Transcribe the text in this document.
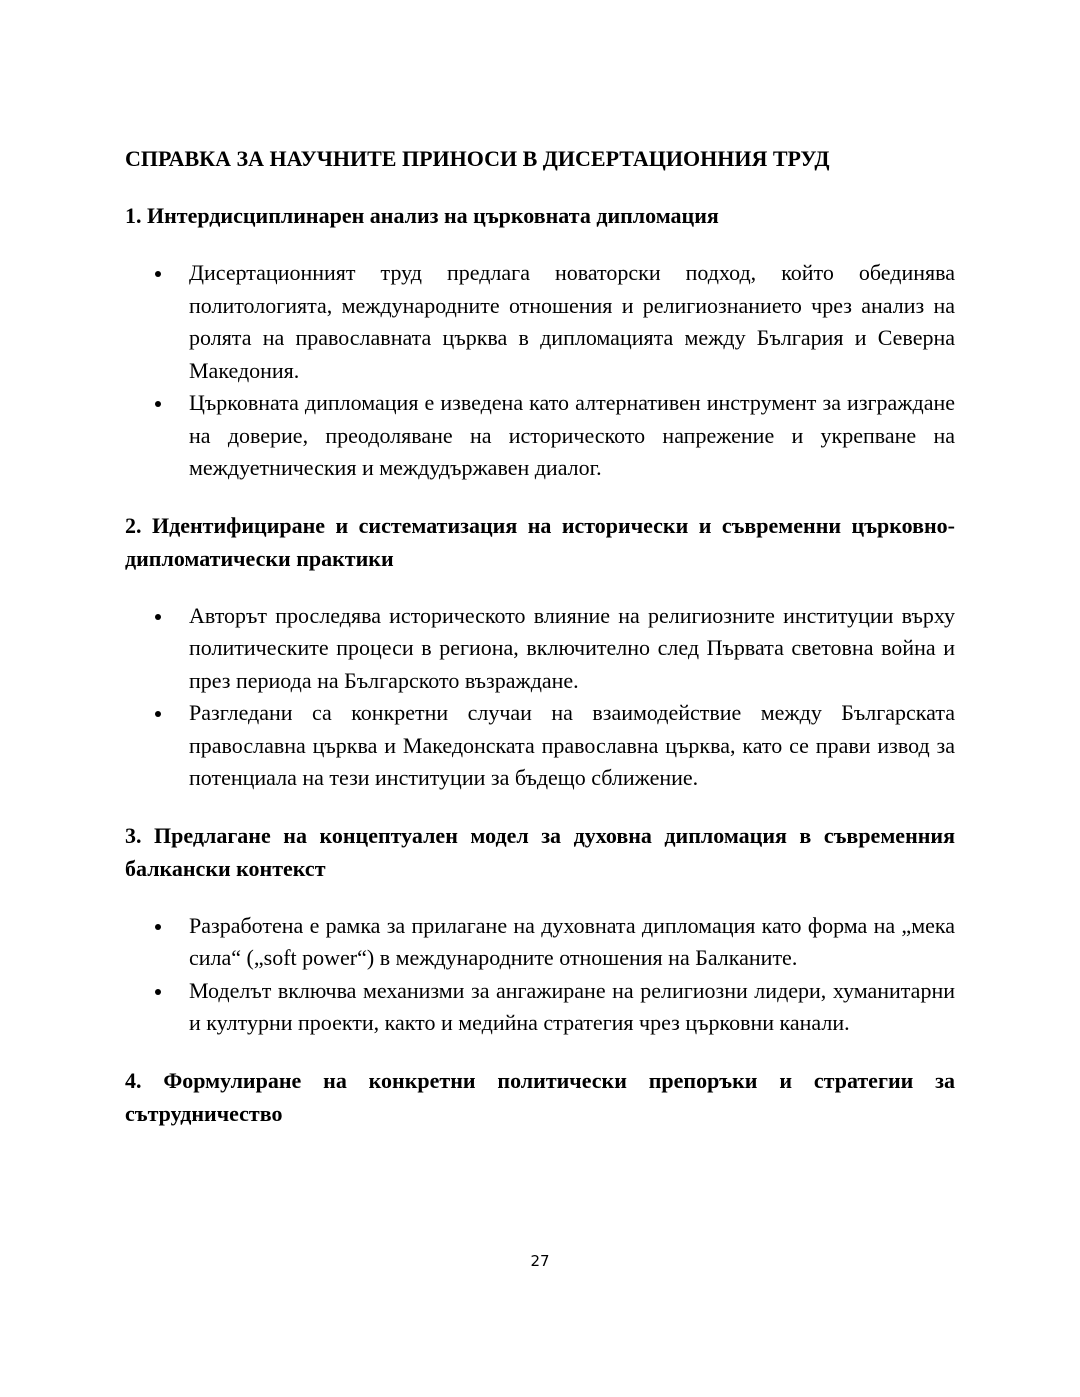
СПРАВКА ЗА НАУЧНИТЕ ПРИНОСИ В ДИСЕРТАЦИОННИЯ ТРУД

1. Интердисциплинарен анализ на църковната дипломация

Дисертационният труд предлага новаторски подход, който обединява политологията, международните отношения и религиознанието чрез анализ на ролята на православната църква в дипломацията между България и Северна Македония.
Църковната дипломация е изведена като алтернативен инструмент за изграждане на доверие, преодоляване на историческото напрежение и укрепване на междуетническия и междудържавен диалог.

2. Идентифициране и систематизация на исторически и съвременни църковно-дипломатически практики

Авторът проследява историческото влияние на религиозните институции върху политическите процеси в региона, включително след Първата световна война и през периода на Българското възраждане.
Разгледани са конкретни случаи на взаимодействие между Българската православна църква и Македонската православна църква, като се прави извод за потенциала на тези институции за бъдещо сближение.

3. Предлагане на концептуален модел за духовна дипломация в съвременния балкански контекст

Разработена е рамка за прилагане на духовната дипломация като форма на „мека сила“ („soft power“) в международните отношения на Балканите.
Моделът включва механизми за ангажиране на религиозни лидери, хуманитарни и културни проекти, както и медийна стратегия чрез църковни канали.

4. Формулиране на конкретни политически препоръки и стратегии за сътрудничество

27
